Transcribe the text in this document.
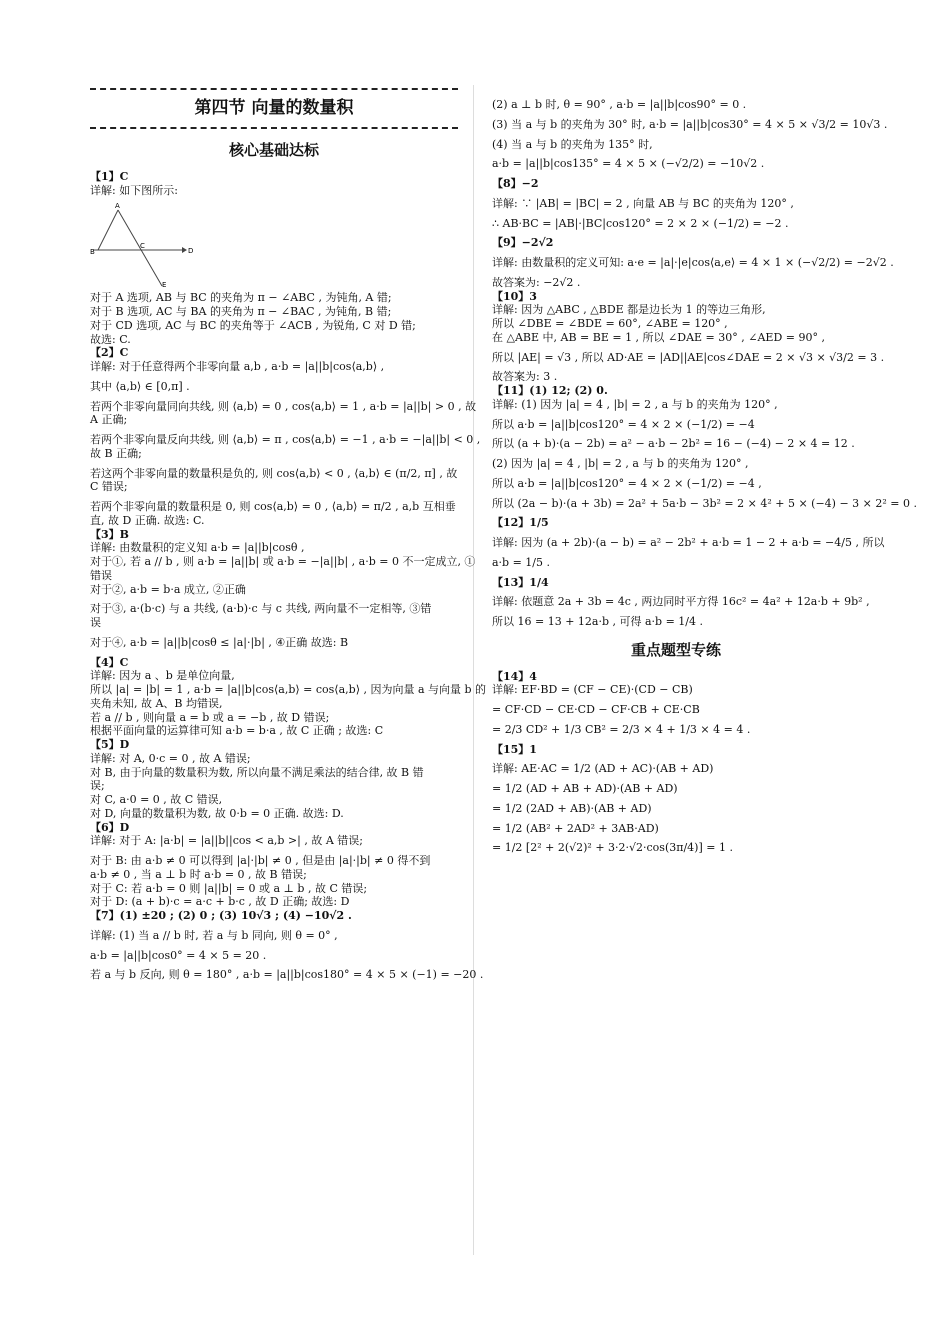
第四节 向量的数量积
核心基础达标

【1】C

详解: 如下图所示:

A
B
C
D
E

对于 A 选项, AB 与 BC 的夹角为 π − ∠ABC , 为钝角, A 错;

对于 B 选项, AC 与 BA 的夹角为 π − ∠BAC , 为钝角, B 错;

对于 CD 选项, AC 与 BC 的夹角等于 ∠ACB , 为锐角, C 对 D 错;

故选: C.

【2】C

详解: 对于任意得两个非零向量 a,b , a·b = |a||b|cos⟨a,b⟩ ,

其中 ⟨a,b⟩ ∈ [0,π] .

若两个非零向量同向共线, 则 ⟨a,b⟩ = 0 , cos⟨a,b⟩ = 1 , a·b = |a||b| > 0 , 故

A 正确;

若两个非零向量反向共线, 则 ⟨a,b⟩ = π , cos⟨a,b⟩ = −1 , a·b = −|a||b| < 0 ,

故 B 正确;

若这两个非零向量的数量积是负的, 则 cos⟨a,b⟩ < 0 , ⟨a,b⟩ ∈ (π/2, π] , 故

C 错误;

若两个非零向量的数量积是 0, 则 cos⟨a,b⟩ = 0 , ⟨a,b⟩ = π/2 , a,b 互相垂

直, 故 D 正确. 故选: C.

【3】B

详解: 由数量积的定义知 a·b = |a||b|cosθ ,

对于①, 若 a // b , 则 a·b = |a||b| 或 a·b = −|a||b| , a·b = 0 不一定成立, ①

错误

对于②, a·b = b·a 成立, ②正确

对于③, a·(b·c) 与 a 共线, (a·b)·c 与 c 共线, 两向量不一定相等, ③错

误

对于④, a·b = |a||b|cosθ ≤ |a|·|b| , ④正确 故选: B

【4】C

详解: 因为 a 、b 是单位向量,

所以 |a| = |b| = 1 , a·b = |a||b|cos⟨a,b⟩ = cos⟨a,b⟩ , 因为向量 a 与向量 b 的

夹角未知, 故 A、B 均错误,

若 a // b , 则向量 a = b 或 a = −b , 故 D 错误;

根据平面向量的运算律可知 a·b = b·a , 故 C 正确 ; 故选: C

【5】D

详解: 对 A, 0·c = 0 , 故 A 错误;

对 B, 由于向量的数量积为数, 所以向量不满足乘法的结合律, 故 B 错

误;

对 C, a·0 = 0 , 故 C 错误,

对 D, 向量的数量积为数, 故 0·b = 0 正确. 故选: D.

【6】D

详解: 对于 A: |a·b| = |a||b||cos < a,b >| , 故 A 错误;

对于 B: 由 a·b ≠ 0 可以得到 |a|·|b| ≠ 0 , 但是由 |a|·|b| ≠ 0 得不到

a·b ≠ 0 , 当 a ⊥ b 时 a·b = 0 , 故 B 错误;

对于 C: 若 a·b = 0 则 |a||b| = 0 或 a ⊥ b , 故 C 错误;

对于 D: (a + b)·c = a·c + b·c , 故 D 正确; 故选: D

【7】(1) ±20 ; (2) 0 ; (3) 10√3 ; (4) −10√2 .

详解: (1) 当 a // b 时, 若 a 与 b 同向, 则 θ = 0° ,

a·b = |a||b|cos0° = 4 × 5 = 20 .

若 a 与 b 反向, 则 θ = 180° , a·b = |a||b|cos180° = 4 × 5 × (−1) = −20 .

(2) a ⊥ b 时, θ = 90° , a·b = |a||b|cos90° = 0 .

(3) 当 a 与 b 的夹角为 30° 时, a·b = |a||b|cos30° = 4 × 5 × √3/2 = 10√3 .

(4) 当 a 与 b 的夹角为 135° 时,

a·b = |a||b|cos135° = 4 × 5 × (−√2/2) = −10√2 .

【8】−2

详解: ∵ |AB| = |BC| = 2 , 向量 AB 与 BC 的夹角为 120° ,

∴ AB·BC = |AB|·|BC|cos120° = 2 × 2 × (−1/2) = −2 .

【9】−2√2

详解: 由数量积的定义可知: a·e = |a|·|e|cos⟨a,e⟩ = 4 × 1 × (−√2/2) = −2√2 .

故答案为: −2√2 .

【10】3

详解: 因为 △ABC , △BDE 都是边长为 1 的等边三角形,

所以 ∠DBE = ∠BDE = 60°, ∠ABE = 120° ,

在 △ABE 中, AB = BE = 1 , 所以 ∠DAE = 30° , ∠AED = 90° ,

所以 |AE| = √3 , 所以 AD·AE = |AD||AE|cos∠DAE = 2 × √3 × √3/2 = 3 .

故答案为: 3 .

【11】(1) 12; (2) 0.

详解: (1) 因为 |a| = 4 , |b| = 2 , a 与 b 的夹角为 120° ,

所以 a·b = |a||b|cos120° = 4 × 2 × (−1/2) = −4

所以 (a + b)·(a − 2b) = a² − a·b − 2b² = 16 − (−4) − 2 × 4 = 12 .

(2) 因为 |a| = 4 , |b| = 2 , a 与 b 的夹角为 120° ,

所以 a·b = |a||b|cos120° = 4 × 2 × (−1/2) = −4 ,

所以 (2a − b)·(a + 3b) = 2a² + 5a·b − 3b² = 2 × 4² + 5 × (−4) − 3 × 2² = 0 .

【12】1/5

详解: 因为 (a + 2b)·(a − b) = a² − 2b² + a·b = 1 − 2 + a·b = −4/5 , 所以

a·b = 1/5 .

【13】1/4

详解: 依题意 2a + 3b = 4c , 两边同时平方得 16c² = 4a² + 12a·b + 9b² ,

所以 16 = 13 + 12a·b , 可得 a·b = 1/4 .

重点题型专练

【14】4

详解: EF·BD = (CF − CE)·(CD − CB)

= CF·CD − CE·CD − CF·CB + CE·CB

= 2/3 CD² + 1/3 CB² = 2/3 × 4 + 1/3 × 4 = 4 .

【15】1

详解: AE·AC = 1/2 (AD + AC)·(AB + AD)

= 1/2 (AD + AB + AD)·(AB + AD)

= 1/2 (2AD + AB)·(AB + AD)

= 1/2 (AB² + 2AD² + 3AB·AD)

= 1/2 [2² + 2(√2)² + 3·2·√2·cos(3π/4)] = 1 .
